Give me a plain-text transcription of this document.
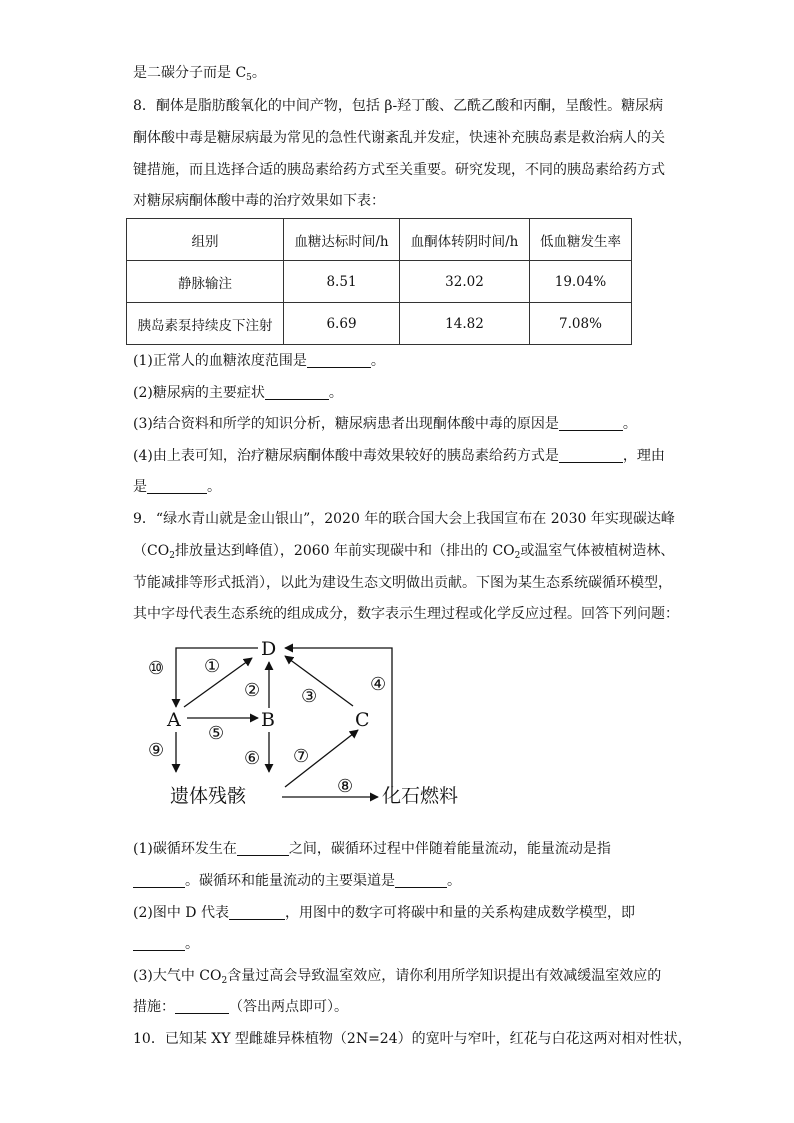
是二碳分子而是 $C_5$。
8．酮体是脂肪酸氧化的中间产物，包括 β-羟丁酸、乙酰乙酸和丙酮，呈酸性。糖尿病
酮体酸中毒是糖尿病最为常见的急性代谢紊乱并发症，快速补充胰岛素是救治病人的关
键措施，而且选择合适的胰岛素给药方式至关重要。研究发现，不同的胰岛素给药方式
对糖尿病酮体酸中毒的治疗效果如下表：
组别	血糖达标时间/h	血酮体转阴时间/h	低血糖发生率
静脉输注	8.51	32.02	19.04%
胰岛素泵持续皮下注射	6.69	14.82	7.08%
(1)正常人的血糖浓度范围是	。
(2)糖尿病的主要症状	。
(3)结合资料和所学的知识分析，糖尿病患者出现酮体酸中毒的原因是	。
(4)由上表可知，治疗糖尿病酮体酸中毒效果较好的胰岛素给药方式是	，理由
是	。
9．“绿水青山就是金山银山”，2020 年的联合国大会上我国宣布在 2030 年实现碳达峰
（$CO_2$排放量达到峰值），2060 年前实现碳中和（排出的 $CO_2$或温室气体被植树造林、
节能减排等形式抵消），以此为建设生态文明做出贡献。下图为某生态系统碳循环模型，
其中字母代表生态系统的组成成分，数字表示生理过程或化学反应过程。回答下列问题：
D
A	B	C
遗体残骸	化石燃料
⑩ ①
② ③
④
⑤
⑥ ⑦
⑧
⑨
(1)碳循环发生在	之间，碳循环过程中伴随着能量流动，能量流动是指
。碳循环和能量流动的主要渠道是	。
(2)图中 D 代表	，用图中的数字可将碳中和量的关系构建成数学模型，即
。
(3)大气中 $CO_2$含量过高会导致温室效应，请你利用所学知识提出有效减缓温室效应的
措施：	（答出两点即可）。
10．已知某 XY 型雌雄异株植物（2N=24）的宽叶与窄叶，红花与白花这两对相对性状，
